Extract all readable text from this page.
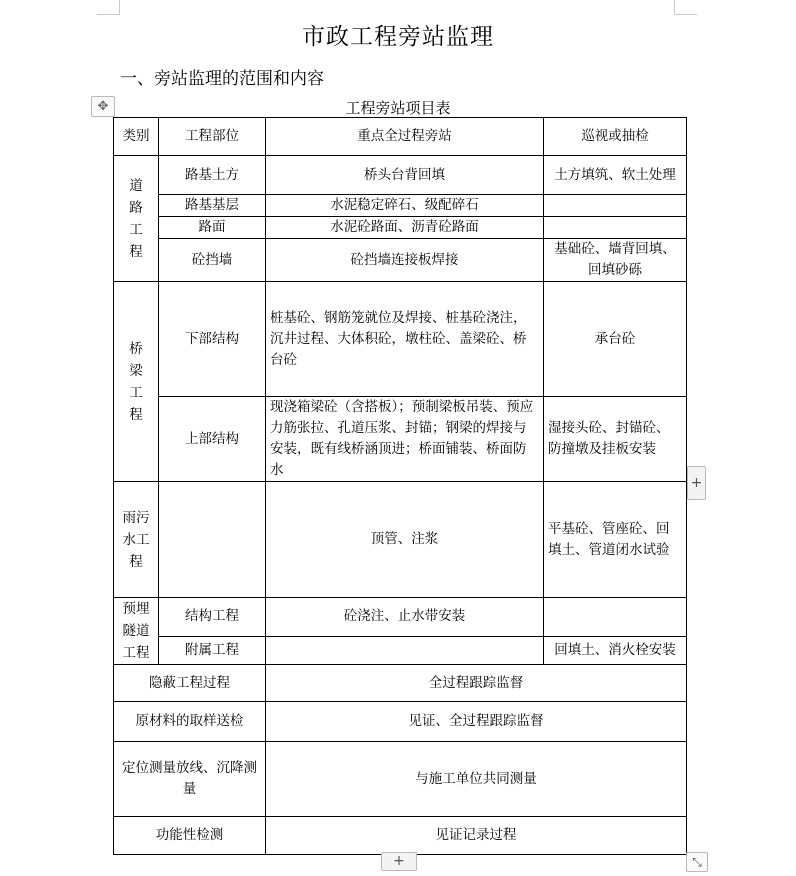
市政工程旁站监理
一、旁站监理的范围和内容
✥	工程旁站项目表
类别	工程部位	重点全过程旁站	巡视或抽检

道路工程	路基土方	桥头台背回填	土方填筑、软土处理
	路基基层	水泥稳定碎石、级配碎石	
	路面	水泥砼路面、沥青砼路面	
	砼挡墙	砼挡墙连接板焊接	基础砼、墙背回填、回填砂砾

桥梁工程	下部结构	桩基砼、钢筋笼就位及焊接、桩基砼浇注，沉井过程、大体积砼，墩柱砼、盖梁砼、桥台砼	承台砼
	上部结构	现浇箱梁砼（含搭板）；预制梁板吊装、预应力筋张拉、孔道压浆、封锚；钢梁的焊接与安装，既有线桥涵顶进；桥面铺装、桥面防水	湿接头砼、封锚砼、防撞墩及挂板安装

雨污水工程		顶管、注浆	平基砼、管座砼、回填土、管道闭水试验

预埋隧道工程	结构工程	砼浇注、止水带安装	
	附属工程		回填土、消火栓安装
隐蔽工程过程		全过程跟踪监督	
原材料的取样送检		见证、全过程跟踪监督	
定位测量放线、沉降测量		与施工单位共同测量	
功能性检测		见证记录过程	
+
+	⤡
